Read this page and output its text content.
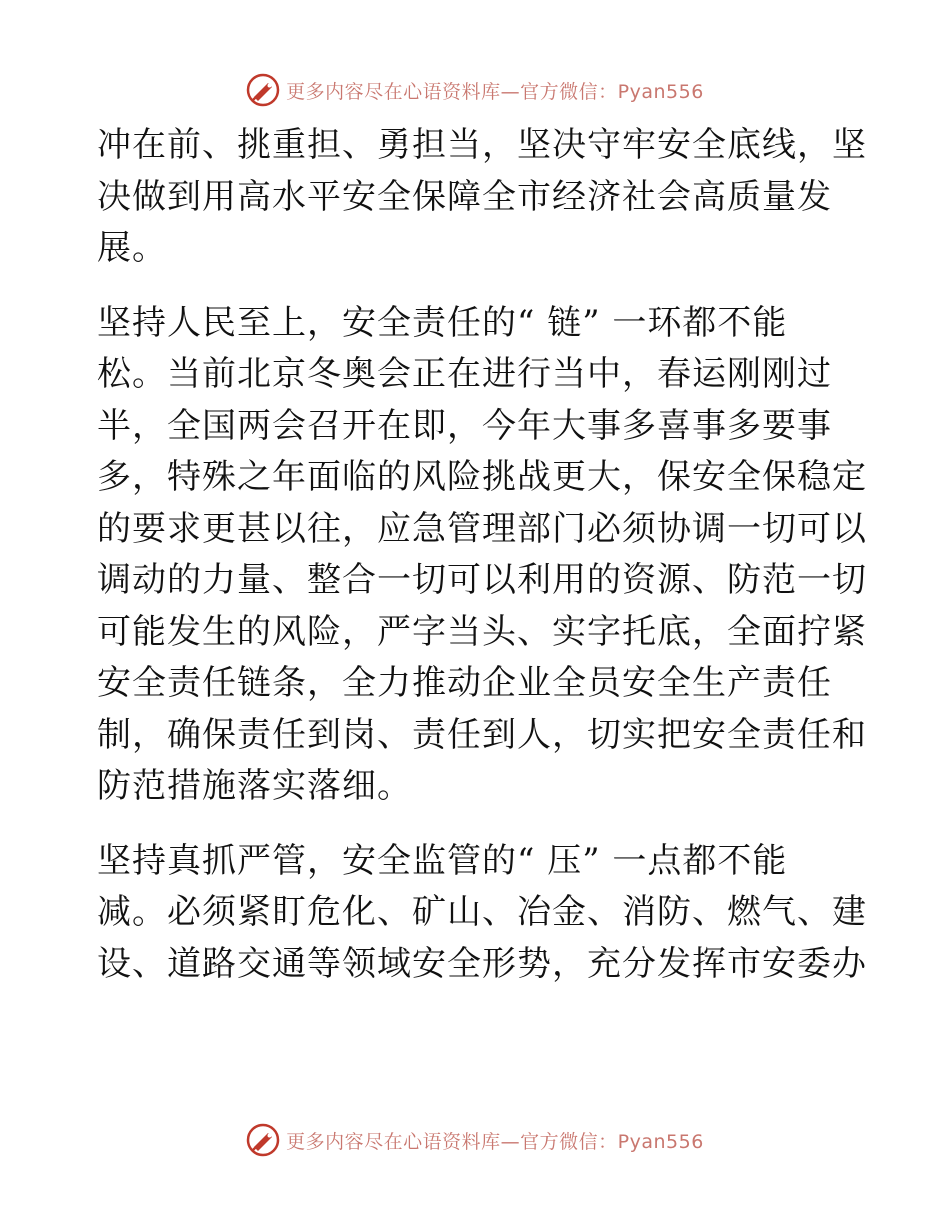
更多内容尽在心语资料库—官方微信：Pyan556

冲在前、挑重担、勇担当，坚决守牢安全底线，坚
决做到用高水平安全保障全市经济社会高质量发
展。

坚持人民至上，安全责任的“ 链” 一环都不能
松。当前北京冬奥会正在进行当中，春运刚刚过
半，全国两会召开在即，今年大事多喜事多要事
多，特殊之年面临的风险挑战更大，保安全保稳定
的要求更甚以往，应急管理部门必须协调一切可以
调动的力量、整合一切可以利用的资源、防范一切
可能发生的风险，严字当头、实字托底，全面拧紧
安全责任链条，全力推动企业全员安全生产责任
制，确保责任到岗、责任到人，切实把安全责任和
防范措施落实落细。

坚持真抓严管，安全监管的“ 压” 一点都不能
减。必须紧盯危化、矿山、冶金、消防、燃气、建
设、道路交通等领域安全形势，充分发挥市安委办

更多内容尽在心语资料库—官方微信：Pyan556
